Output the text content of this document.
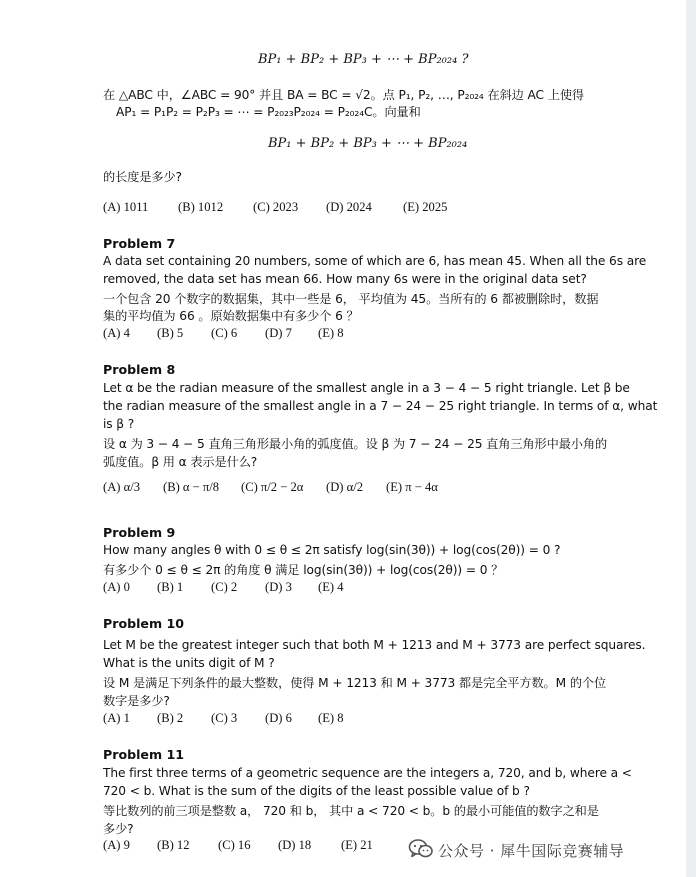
BP₁ + BP₂ + BP₃ + ⋯ + BP₂₀₂₄ ?
在 △ABC 中，∠ABC = 90° 并且 BA = BC = √2。点 P₁, P₂, …, P₂₀₂₄ 在斜边 AC 上使得
AP₁ = P₁P₂ = P₂P₃ = ⋯ = P₂₀₂₃P₂₀₂₄ = P₂₀₂₄C。向量和
BP₁ + BP₂ + BP₃ + ⋯ + BP₂₀₂₄
的长度是多少?
(A) 1011 (B) 1012 (C) 2023 (D) 2024 (E) 2025
Problem 7
A data set containing 20 numbers, some of which are 6, has mean 45. When all the 6s are
removed, the data set has mean 66. How many 6s were in the original data set?
一个包含 20 个数字的数据集，其中一些是 6， 平均值为 45。当所有的 6 都被删除时，数据
集的平均值为 66 。原始数据集中有多少个 6 ？
(A) 4 (B) 5 (C) 6 (D) 7 (E) 8
Problem 8
Let α be the radian measure of the smallest angle in a 3 − 4 − 5 right triangle. Let β be
the radian measure of the smallest angle in a 7 − 24 − 25 right triangle. In terms of α, what
is β ?
设 α 为 3 − 4 − 5 直角三角形最小角的弧度值。设 β 为 7 − 24 − 25 直角三角形中最小角的
弧度值。β 用 α 表示是什么?
(A) α/3 (B) α − π/8 (C) π/2 − 2α (D) α/2 (E) π − 4α
Problem 9
How many angles θ with 0 ≤ θ ≤ 2π satisfy log(sin(3θ)) + log(cos(2θ)) = 0 ?
有多少个 0 ≤ θ ≤ 2π 的角度 θ 满足 log(sin(3θ)) + log(cos(2θ)) = 0 ？
(A) 0 (B) 1 (C) 2 (D) 3 (E) 4
Problem 10
Let M be the greatest integer such that both M + 1213 and M + 3773 are perfect squares.
What is the units digit of M ?
设 M 是满足下列条件的最大整数，使得 M + 1213 和 M + 3773 都是完全平方数。M 的个位
数字是多少?
(A) 1 (B) 2 (C) 3 (D) 6 (E) 8
Problem 11
The first three terms of a geometric sequence are the integers a, 720, and b, where a <
720 < b. What is the sum of the digits of the least possible value of b ?
等比数列的前三项是整数 a， 720 和 b， 其中 a < 720 < b。b 的最小可能值的数字之和是
多少?
(A) 9 (B) 12 (C) 16 (D) 18 (E) 21	公众号 · 犀牛国际竞赛辅导
